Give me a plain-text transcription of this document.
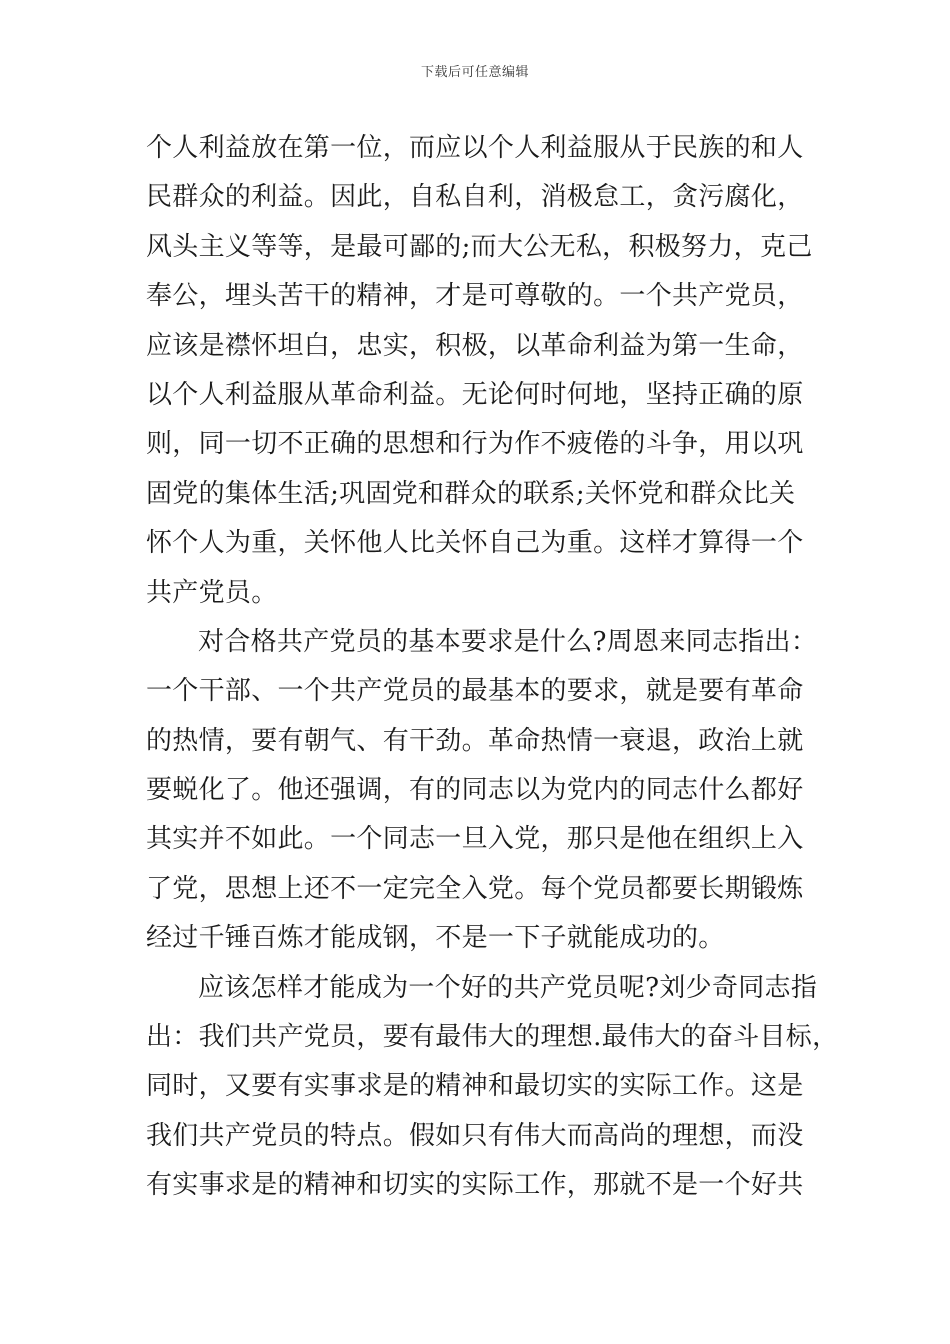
下载后可任意编辑
个人利益放在第一位，而应以个人利益服从于民族的和人
民群众的利益。因此，自私自利，消极怠工，贪污腐化，
风头主义等等，是最可鄙的;而大公无私，积极努力，克己
奉公，埋头苦干的精神，才是可尊敬的。一个共产党员，
应该是襟怀坦白，忠实，积极，以革命利益为第一生命，
以个人利益服从革命利益。无论何时何地，坚持正确的原
则，同一切不正确的思想和行为作不疲倦的斗争，用以巩
固党的集体生活;巩固党和群众的联系;关怀党和群众比关
怀个人为重，关怀他人比关怀自己为重。这样才算得一个
共产党员。
对合格共产党员的基本要求是什么?周恩来同志指出：
一个干部、一个共产党员的最基本的要求，就是要有革命
的热情，要有朝气、有干劲。革命热情一衰退，政治上就
要蜕化了。他还强调，有的同志以为党内的同志什么都好
其实并不如此。一个同志一旦入党，那只是他在组织上入
了党，思想上还不一定完全入党。每个党员都要长期锻炼
经过千锤百炼才能成钢，不是一下子就能成功的。
应该怎样才能成为一个好的共产党员呢?刘少奇同志指
出：我们共产党员，要有最伟大的理想.最伟大的奋斗目标，
同时，又要有实事求是的精神和最切实的实际工作。这是
我们共产党员的特点。假如只有伟大而高尚的理想，而没
有实事求是的精神和切实的实际工作，那就不是一个好共
